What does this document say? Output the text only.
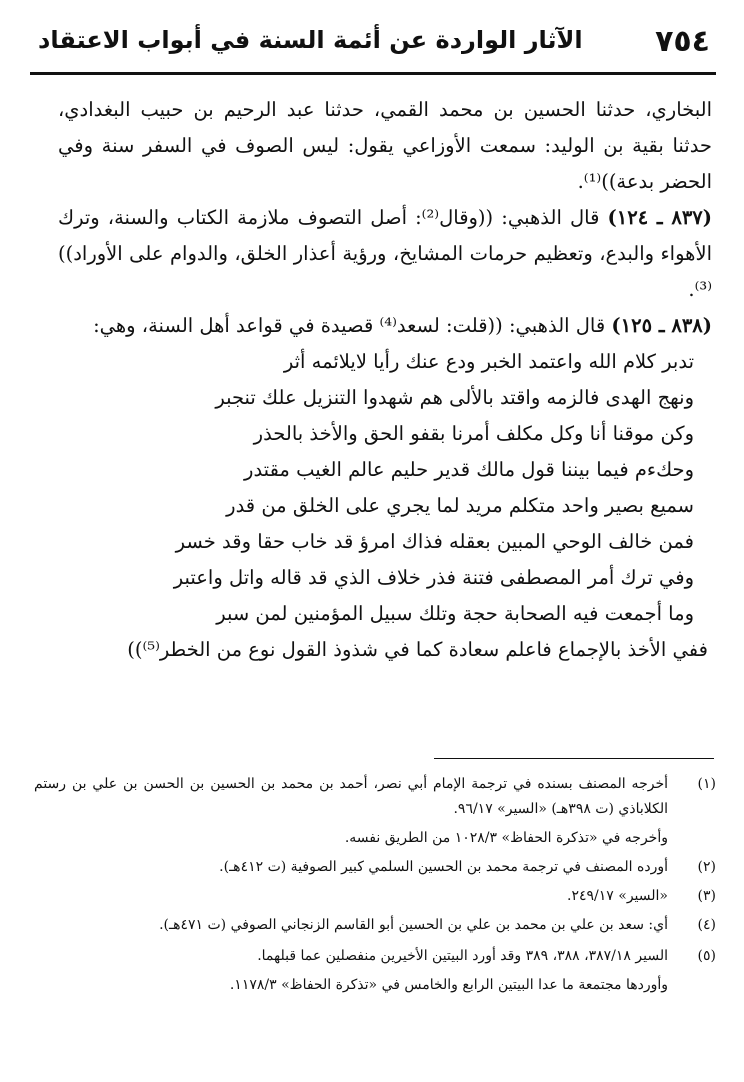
٧٥٤
الآثار الواردة عن أئمة السنة في أبواب الاعتقاد

البخاري، حدثنا الحسين بن محمد القمي، حدثنا عبد الرحيم بن حبيب البغدادي، حدثنا بقية بن الوليد: سمعت الأوزاعي يقول: ليس الصوف في السفر سنة وفي الحضر بدعة))⁽¹⁾.

(٨٣٧ ـ ١٢٤) قال الذهبي: ((وقال⁽²⁾: أصل التصوف ملازمة الكتاب والسنة، وترك الأهواء والبدع، وتعظيم حرمات المشايخ، ورؤية أعذار الخلق، والدوام على الأوراد))⁽³⁾.

(٨٣٨ ـ ١٢٥) قال الذهبي: ((قلت: لسعد⁽⁴⁾ قصيدة في قواعد أهل السنة، وهي:

تدبر كلام الله واعتمد الخبر ودع عنك رأيا لايلائمه أثر

ونهج الهدى فالزمه واقتد بالألى هم شهدوا التنزيل علك تنجبر

وكن موقنا أنا وكل مكلف أمرنا بقفو الحق والأخذ بالحذر

وحكءم فيما بيننا قول مالك قدير حليم عالم الغيب مقتدر

سميع بصير واحد متكلم مريد لما يجري على الخلق من قدر

فمن خالف الوحي المبين بعقله فذاك امرؤ قد خاب حقا وقد خسر

وفي ترك أمر المصطفى فتنة فذر خلاف الذي قد قاله واتل واعتبر

وما أجمعت فيه الصحابة حجة وتلك سبيل المؤمنين لمن سبر

ففي الأخذ بالإجماع فاعلم سعادة كما في شذوذ القول نوع من الخطر⁽⁵⁾))

(١)
أخرجه المصنف بسنده في ترجمة الإمام أبي نصر، أحمد بن محمد بن الحسين بن الحسن بن علي بن رستم الكلاباذي (ت ٣٩٨هـ) «السير» ٩٦/١٧.
وأخرجه في «تذكرة الحفاظ» ١٠٢٨/٣ من الطريق نفسه.
(٢)
أورده المصنف في ترجمة محمد بن الحسين السلمي كبير الصوفية (ت ٤١٢هـ).
(٣)
«السير» ٢٤٩/١٧.
(٤)
أي: سعد بن علي بن محمد بن علي بن الحسين أبو القاسم الزنجاني الصوفي (ت ٤٧١هـ).
(٥)
السير ٣٨٧/١٨، ٣٨٨، ٣٨٩ وقد أورد البيتين الأخيرين منفصلين عما قبلهما.
وأوردها مجتمعة ما عدا البيتين الرابع والخامس في «تذكرة الحفاظ» ١١٧٨/٣.
